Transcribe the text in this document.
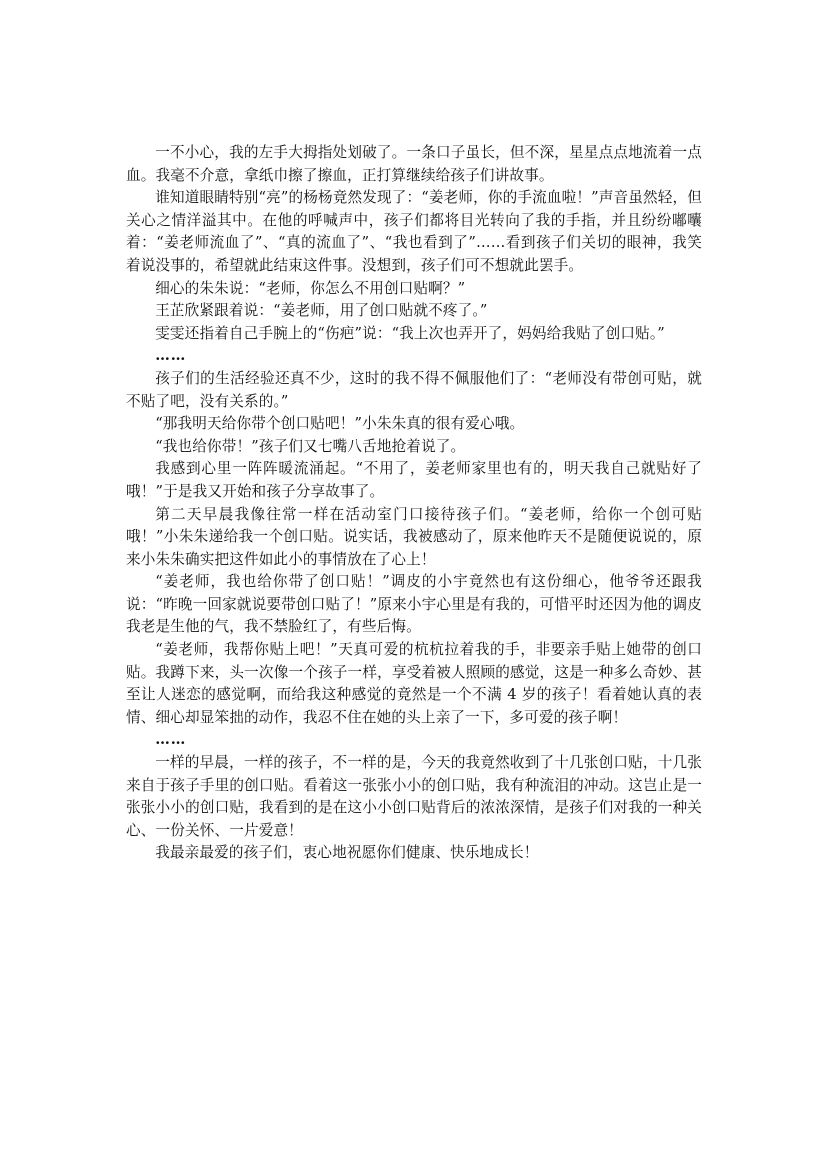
一不小心，我的左手大拇指处划破了。一条口子虽长，但不深，星星点点地流着一点血。我毫不介意，拿纸巾擦了擦血，正打算继续给孩子们讲故事。

谁知道眼睛特别“亮”的杨杨竟然发现了：“姜老师，你的手流血啦！”声音虽然轻，但关心之情洋溢其中。在他的呼喊声中，孩子们都将目光转向了我的手指，并且纷纷嘟囔着：“姜老师流血了”、“真的流血了”、“我也看到了”……看到孩子们关切的眼神，我笑着说没事的，希望就此结束这件事。没想到，孩子们可不想就此罢手。

细心的朱朱说：“老师，你怎么不用创口贴啊？”

王芷欣紧跟着说：“姜老师，用了创口贴就不疼了。”

雯雯还指着自己手腕上的“伤疤”说：“我上次也弄开了，妈妈给我贴了创口贴。”

……

孩子们的生活经验还真不少，这时的我不得不佩服他们了：“老师没有带创可贴，就不贴了吧，没有关系的。”

“那我明天给你带个创口贴吧！”小朱朱真的很有爱心哦。

“我也给你带！”孩子们又七嘴八舌地抢着说了。

我感到心里一阵阵暖流涌起。“不用了，姜老师家里也有的，明天我自己就贴好了哦！”于是我又开始和孩子分享故事了。

第二天早晨我像往常一样在活动室门口接待孩子们。“姜老师，给你一个创可贴哦！”小朱朱递给我一个创口贴。说实话，我被感动了，原来他昨天不是随便说说的，原来小朱朱确实把这件如此小的事情放在了心上！

“姜老师，我也给你带了创口贴！”调皮的小宇竟然也有这份细心，他爷爷还跟我说：“昨晚一回家就说要带创口贴了！”原来小宇心里是有我的，可惜平时还因为他的调皮我老是生他的气，我不禁脸红了，有些后悔。

“姜老师，我帮你贴上吧！”天真可爱的杭杭拉着我的手，非要亲手贴上她带的创口贴。我蹲下来，头一次像一个孩子一样，享受着被人照顾的感觉，这是一种多么奇妙、甚至让人迷恋的感觉啊，而给我这种感觉的竟然是一个不满 4 岁的孩子！看着她认真的表情、细心却显笨拙的动作，我忍不住在她的头上亲了一下，多可爱的孩子啊！

……

一样的早晨，一样的孩子，不一样的是，今天的我竟然收到了十几张创口贴，十几张来自于孩子手里的创口贴。看着这一张张小小的创口贴，我有种流泪的冲动。这岂止是一张张小小的创口贴，我看到的是在这小小创口贴背后的浓浓深情，是孩子们对我的一种关心、一份关怀、一片爱意！

我最亲最爱的孩子们，衷心地祝愿你们健康、快乐地成长！
